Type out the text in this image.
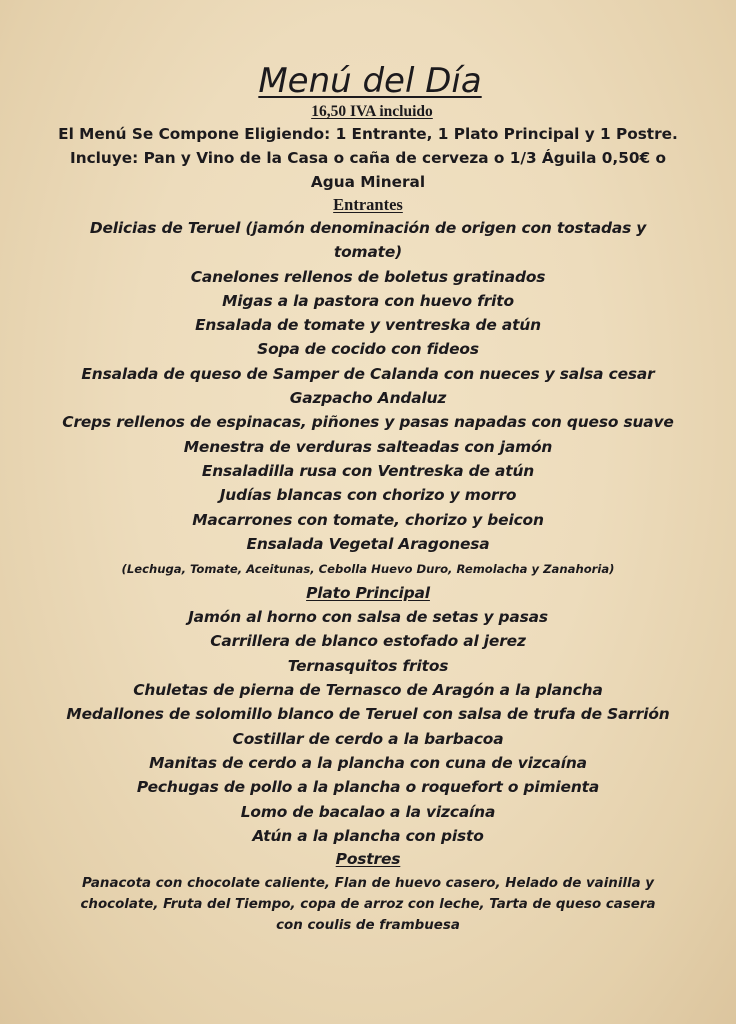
Menú del Día

16,50 IVA incluido

El Menú Se Compone Eligiendo: 1 Entrante, 1 Plato Principal y 1 Postre.

Incluye: Pan y Vino de la Casa o caña de cerveza o 1/3 Águila 0,50€ o

Agua Mineral

Entrantes

Delicias de Teruel (jamón denominación de origen con tostadas y

tomate)

Canelones rellenos de boletus gratinados

Migas a la pastora con huevo frito

Ensalada de tomate y ventreska de atún

Sopa de cocido con fideos

Ensalada de queso de Samper de Calanda con nueces y salsa cesar

Gazpacho Andaluz

Creps rellenos de espinacas, piñones y pasas napadas con queso suave

Menestra de verduras salteadas con jamón

Ensaladilla rusa con Ventreska de atún

Judías blancas con chorizo y morro

Macarrones con tomate, chorizo y beicon

Ensalada Vegetal Aragonesa

(Lechuga, Tomate, Aceitunas, Cebolla Huevo Duro, Remolacha y Zanahoria)

Plato Principal

Jamón al horno con salsa de setas y pasas

Carrillera de blanco estofado al jerez

Ternasquitos fritos

Chuletas de pierna de Ternasco de Aragón a la plancha

Medallones de solomillo blanco de Teruel con salsa de trufa de Sarrión

Costillar de cerdo a la barbacoa

Manitas de cerdo a la plancha con cuna de vizcaína

Pechugas de pollo a la plancha o roquefort o pimienta

Lomo de bacalao a la vizcaína

Atún a la plancha con pisto

Postres

Panacota con chocolate caliente, Flan de huevo casero, Helado de vainilla y chocolate, Fruta del Tiempo, copa de arroz con leche, Tarta de queso casera con coulis de frambuesa
